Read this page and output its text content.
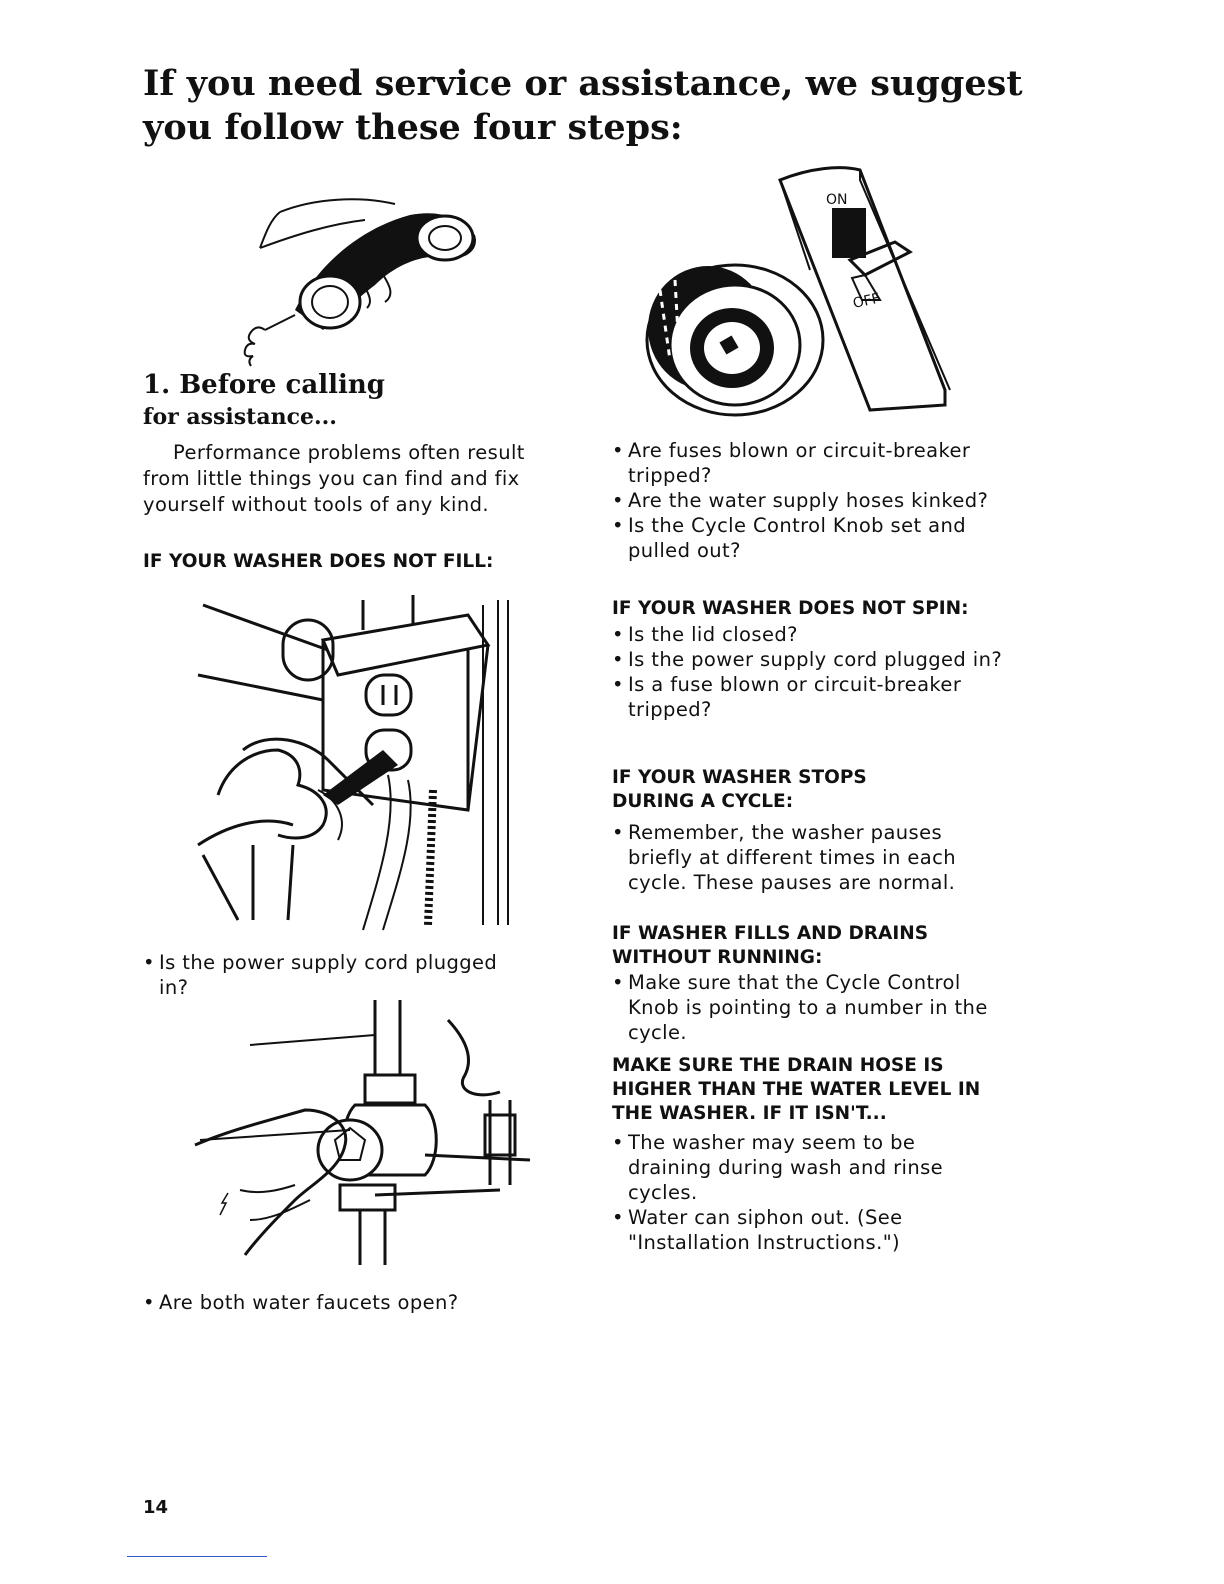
If you need service or assistance, we suggest
you follow these four steps:
1. Before calling
for assistance...

Performance problems often result from little things you can find and fix yourself without tools of any kind.

IF YOUR WASHER DOES NOT FILL:
• Is the power supply cord plugged in?
• Are both water faucets open?
ON
OFF
• Are fuses blown or circuit-breaker tripped?
• Are the water supply hoses kinked?
• Is the Cycle Control Knob set and pulled out?
IF YOUR WASHER DOES NOT SPIN:
• Is the lid closed?
• Is the power supply cord plugged in?
• Is a fuse blown or circuit-breaker tripped?
IF YOUR WASHER STOPS
DURING A CYCLE:
• Remember, the washer pauses briefly at different times in each cycle. These pauses are normal.
IF WASHER FILLS AND DRAINS
WITHOUT RUNNING:
• Make sure that the Cycle Control Knob is pointing to a number in the cycle.
MAKE SURE THE DRAIN HOSE IS
HIGHER THAN THE WATER LEVEL IN
THE WASHER. IF IT ISN'T...
• The washer may seem to be draining during wash and rinse cycles.
• Water can siphon out. (See "Installation Instructions.")
14
